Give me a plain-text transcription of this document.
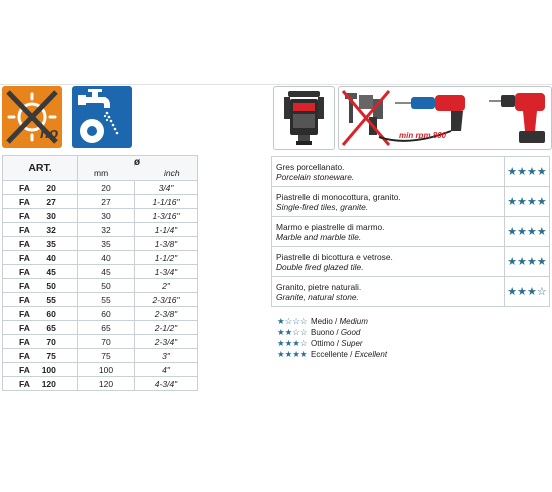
no
ART.	ø
mm inch	

FA 20	20	3/4"
FA 27	27	1-1/16"
FA 30	30	1-3/16"
FA 32	32	1-1/4"
FA 35	35	1-3/8"
FA 40	40	1-1/2"
FA 45	45	1-3/4"
FA 50	50	2"
FA 55	55	2-3/16"
FA 60	60	2-3/8"
FA 65	65	2-1/2"
FA 70	70	2-3/4"
FA 75	75	3"
FA 100	100	4"
FA 120	120	4-3/4"
min rpm 800
Gres porcellanato.
Porcelain stoneware.	★★★★
Piastrelle di monocottura, granito.
Single-fired tiles, granite.	★★★★
Marmo e piastrelle di marmo.
Marble and marble tile.	★★★★
Piastrelle di bicottura e vetrose.
Double fired glazed tile.	★★★★
Granito, pietre naturali.
Granite, natural stone.	★★★☆
★☆☆☆ Medio / Medium
★★☆☆ Buono / Good
★★★☆ Ottimo / Super
★★★★ Eccellente / Excellent
